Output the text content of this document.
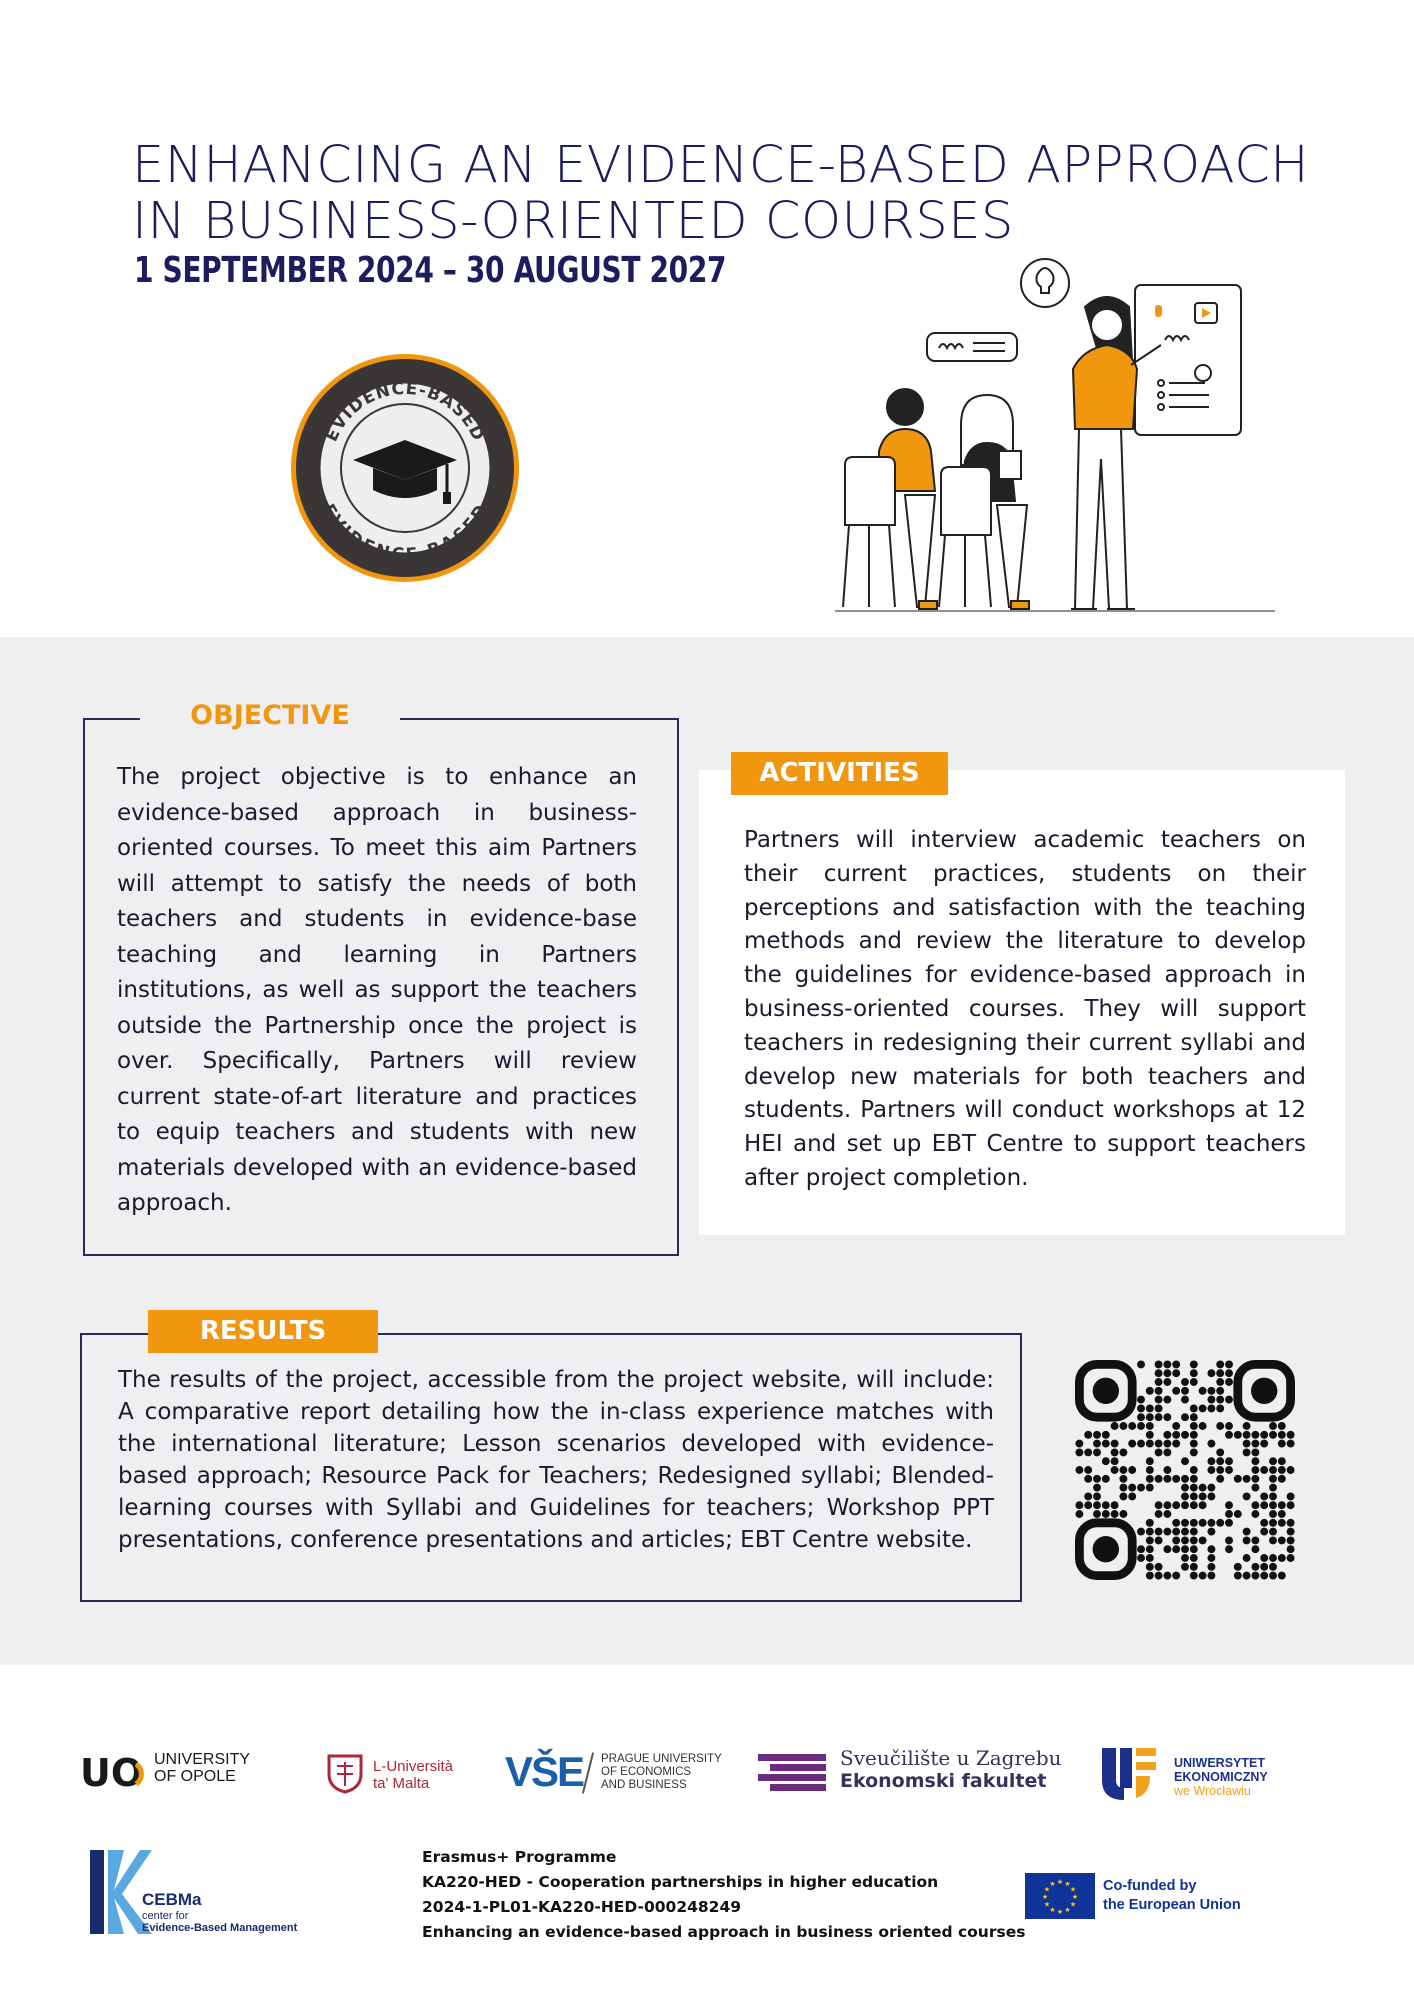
ENHANCING AN EVIDENCE-BASED APPROACH
IN BUSINESS-ORIENTED COURSES
1 SEPTEMBER 2024 – 30 AUGUST 2027
EVIDENCE-BASED
EVIDENCE-BASED
OBJECTIVE
The project objective is to enhance an evidence-based approach in business-oriented courses. To meet this aim Partners will attempt to satisfy the needs of both teachers and students in evidence-base teaching and learning in Partners institutions, as well as support the teachers outside the Partnership once the project is over. Specifically, Partners will review current state-of-art literature and practices to equip teachers and students with new materials developed with an evidence-based approach.
ACTIVITIES
Partners will interview academic teachers on their current practices, students on their perceptions and satisfaction with the teaching methods and review the literature to develop the guidelines for evidence-based approach in business-oriented courses. They will support teachers in redesigning their current syllabi and develop new materials for both teachers and students. Partners will conduct workshops at 12 HEI and set up EBT Centre to support teachers after project completion.
RESULTS
The results of the project, accessible from the project website, will include: A comparative report detailing how the in-class experience matches with the international literature; Lesson scenarios developed with evidence-based approach; Resource Pack for Teachers; Redesigned syllabi; Blended-learning courses with Syllabi and Guidelines for teachers; Workshop PPT presentations, conference presentations and articles; EBT Centre website.
UO UNIVERSITY
OF OPOLE
L-Università
ta' Malta	VŠE PRAGUE UNIVERSITY
OF ECONOMICS
AND BUSINESS
Sveučilište u Zagrebu
Ekonomski fakultet
UNIWERSYTET
EKONOMICZNY
we Wrocławiu
CEBMa
center for
Evidence-Based Management
Erasmus+ Programme
KA220-HED - Cooperation partnerships in higher education
2024-1-PL01-KA220-HED-000248249
Enhancing an evidence-based approach in business oriented courses
★
★
★
★
★
★
★
★
★ ★ ★
★ Co-funded by
the European Union
